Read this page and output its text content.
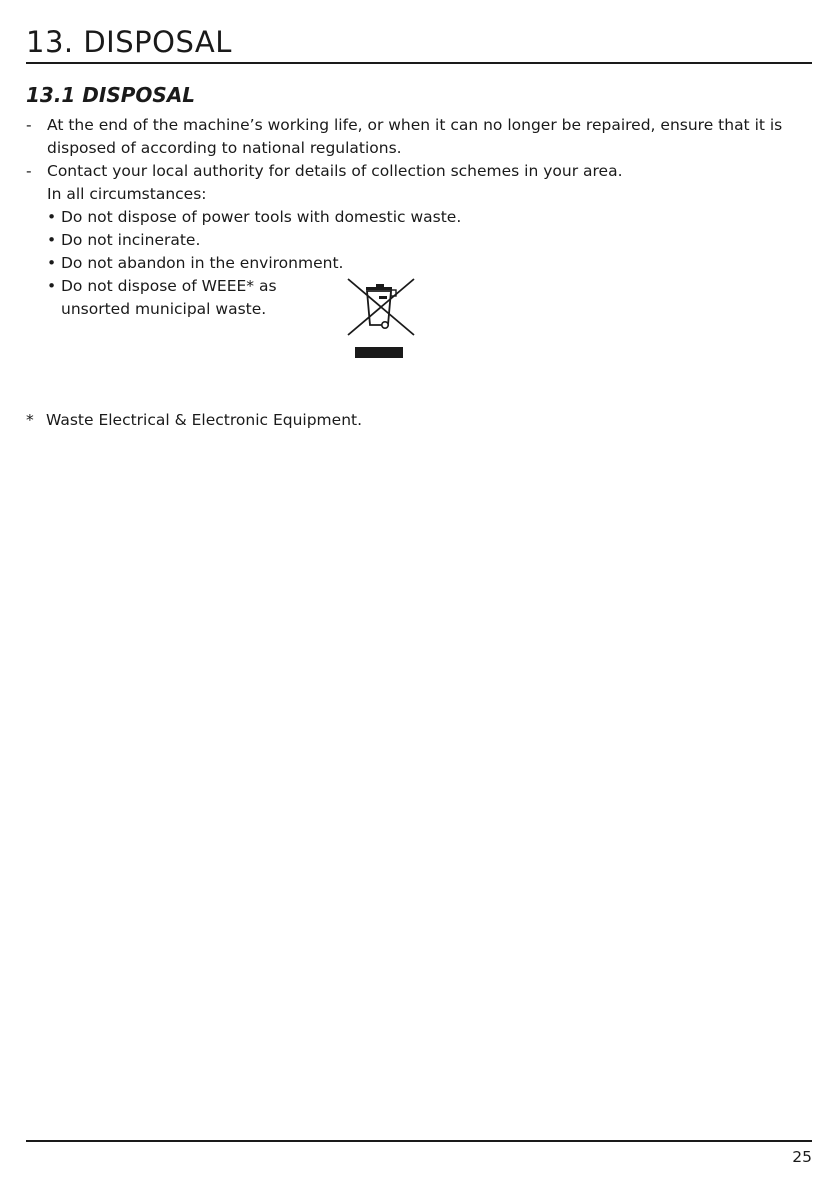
13. DISPOSAL
13.1 DISPOSAL
- At the end of the machine’s working life, or when it can no longer be repaired, ensure that it is disposed of according to national regulations.
- Contact your local authority for details of collection schemes in your area.
In all circumstances:
• Do not dispose of power tools with domestic waste.
• Do not incinerate.
• Do not abandon in the environment.
• Do not dispose of WEEE* as unsorted municipal waste.
* Waste Electrical & Electronic Equipment.
25
